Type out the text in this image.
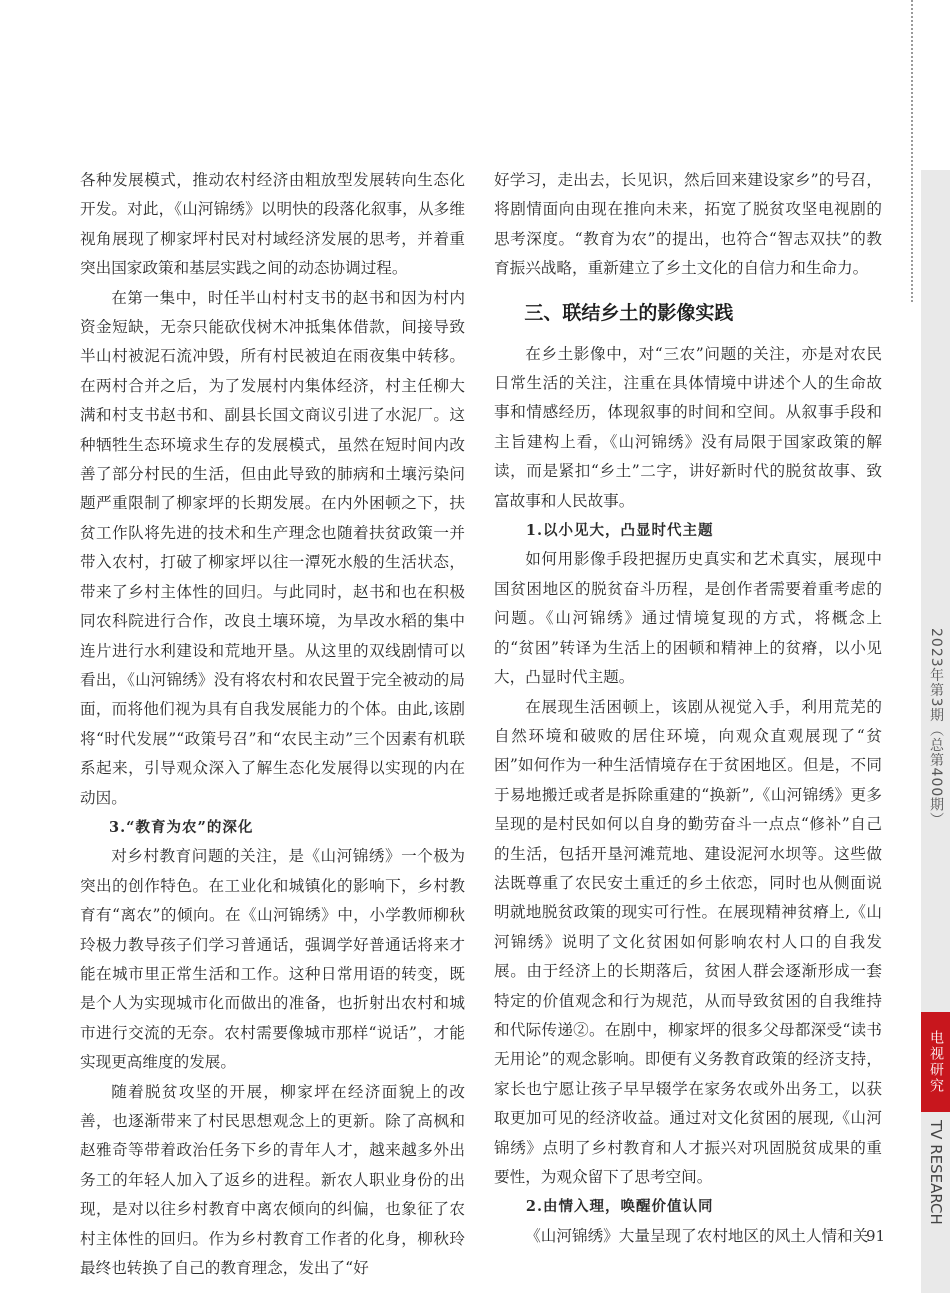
2023年第3期（总第400期）
电视研究
TV RESEARCH

各种发展模式，推动农村经济由粗放型发展转向生态化开发。对此，《山河锦绣》以明快的段落化叙事，从多维视角展现了柳家坪村民对村域经济发展的思考，并着重突出国家政策和基层实践之间的动态协调过程。

在第一集中，时任半山村村支书的赵书和因为村内资金短缺，无奈只能砍伐树木冲抵集体借款，间接导致半山村被泥石流冲毁，所有村民被迫在雨夜集中转移。在两村合并之后，为了发展村内集体经济，村主任柳大满和村支书赵书和、副县长国文商议引进了水泥厂。这种牺牲生态环境求生存的发展模式，虽然在短时间内改善了部分村民的生活，但由此导致的肺病和土壤污染问题严重限制了柳家坪的长期发展。在内外困顿之下，扶贫工作队将先进的技术和生产理念也随着扶贫政策一并带入农村，打破了柳家坪以往一潭死水般的生活状态，带来了乡村主体性的回归。与此同时，赵书和也在积极同农科院进行合作，改良土壤环境，为旱改水稻的集中连片进行水利建设和荒地开垦。从这里的双线剧情可以看出，《山河锦绣》没有将农村和农民置于完全被动的局面，而将他们视为具有自我发展能力的个体。由此,该剧将“时代发展”“政策号召”和“农民主动”三个因素有机联系起来，引导观众深入了解生态化发展得以实现的内在动因。

3.“教育为农”的深化

对乡村教育问题的关注，是《山河锦绣》一个极为突出的创作特色。在工业化和城镇化的影响下，乡村教育有“离农”的倾向。在《山河锦绣》中，小学教师柳秋玲极力教导孩子们学习普通话，强调学好普通话将来才能在城市里正常生活和工作。这种日常用语的转变，既是个人为实现城市化而做出的准备，也折射出农村和城市进行交流的无奈。农村需要像城市那样“说话”，才能实现更高维度的发展。

随着脱贫攻坚的开展，柳家坪在经济面貌上的改善，也逐渐带来了村民思想观念上的更新。除了高枫和赵雅奇等带着政治任务下乡的青年人才，越来越多外出务工的年轻人加入了返乡的进程。新农人职业身份的出现，是对以往乡村教育中离农倾向的纠偏，也象征了农村主体性的回归。作为乡村教育工作者的化身，柳秋玲最终也转换了自己的教育理念，发出了“好

好学习，走出去，长见识，然后回来建设家乡”的号召，将剧情面向由现在推向未来，拓宽了脱贫攻坚电视剧的思考深度。“教育为农”的提出，也符合“智志双扶”的教育振兴战略，重新建立了乡土文化的自信力和生命力。

三、联结乡土的影像实践

在乡土影像中，对“三农”问题的关注，亦是对农民日常生活的关注，注重在具体情境中讲述个人的生命故事和情感经历，体现叙事的时间和空间。从叙事手段和主旨建构上看，《山河锦绣》没有局限于国家政策的解读，而是紧扣“乡土”二字，讲好新时代的脱贫故事、致富故事和人民故事。

1.以小见大，凸显时代主题

如何用影像手段把握历史真实和艺术真实，展现中国贫困地区的脱贫奋斗历程，是创作者需要着重考虑的问题。《山河锦绣》通过情境复现的方式，将概念上的“贫困”转译为生活上的困顿和精神上的贫瘠，以小见大，凸显时代主题。

在展现生活困顿上，该剧从视觉入手，利用荒芜的自然环境和破败的居住环境，向观众直观展现了“贫困”如何作为一种生活情境存在于贫困地区。但是，不同于易地搬迁或者是拆除重建的“换新”,《山河锦绣》更多呈现的是村民如何以自身的勤劳奋斗一点点“修补”自己的生活，包括开垦河滩荒地、建设泥河水坝等。这些做法既尊重了农民安土重迁的乡土依恋，同时也从侧面说明就地脱贫政策的现实可行性。在展现精神贫瘠上,《山河锦绣》说明了文化贫困如何影响农村人口的自我发展。由于经济上的长期落后，贫困人群会逐渐形成一套特定的价值观念和行为规范，从而导致贫困的自我维持和代际传递②。在剧中，柳家坪的很多父母都深受“读书无用论”的观念影响。即便有义务教育政策的经济支持，家长也宁愿让孩子早早辍学在家务农或外出务工，以获取更加可见的经济收益。通过对文化贫困的展现,《山河锦绣》点明了乡村教育和人才振兴对巩固脱贫成果的重要性，为观众留下了思考空间。

2.由情入理，唤醒价值认同

《山河锦绣》大量呈现了农村地区的风土人情和关

91
